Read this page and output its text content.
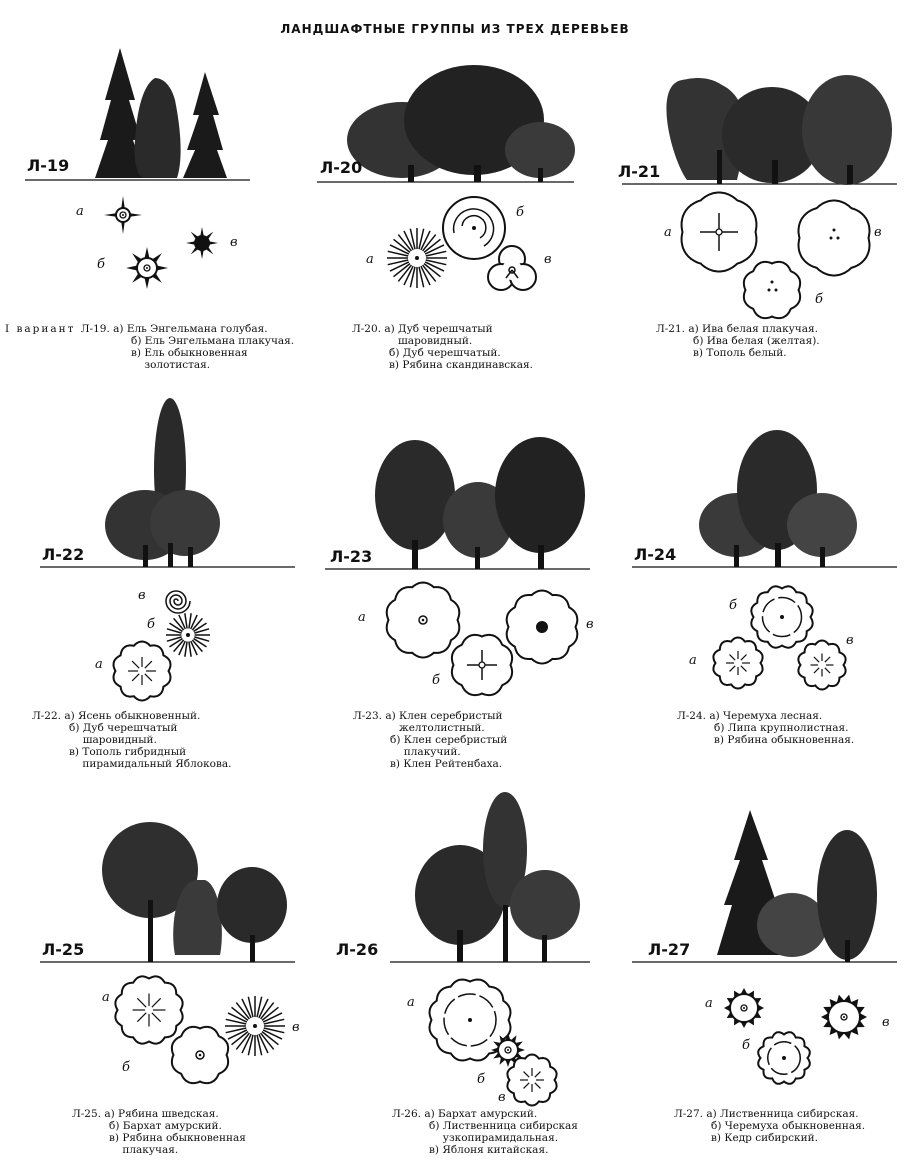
ЛАНДШАФТНЫЕ ГРУППЫ ИЗ ТРЕХ ДЕРЕВЬЕВ
Л-19
а
б
в
I вариант Л-19. а)
Ель Энгельмана голубая.
б)
Ель Энгельмана плакучая.
в)
Ель обыкновенная золотистая.
Л-20
а
б
в
Л-20. а)
Дуб черешчатый шаровидный.
б)
Дуб черешчатый.
в)
Рябина скандинавская.
Л-21
а
б
в
Л-21. а)
Ива белая плакучая.
б)
Ива белая (желтая).
в)
Тополь белый.
Л-22
в
б
а
Л-22. а)
Ясень обыкновенный.
б)
Дуб черешчатый шаровидный.
в)
Тополь гибридный пирамидальный Яблокова.
Л-23
а
б
в
Л-23. а)
Клен серебристый желтолистный.
б)
Клен серебристый плакучий.
в)
Клен Рейтенбаха.
Л-24
б
а
в
Л-24. а)
Черемуха лесная.
б)
Липа крупнолистная.
в)
Рябина обыкновенная.
Л-25
а
б
в
Л-25. а)
Рябина шведская.
б)
Бархат амурский.
в)
Рябина обыкновенная плакучая.
Л-26
а
б
в
Л-26. а)
Бархат амурский.
б)
Лиственница сибирская узкопирамидальная.
в)
Яблоня китайская.
Л-27
а
б
в
Л-27. а)
Лиственница сибирская.
б)
Черемуха обыкновенная.
в)
Кедр сибирский.
